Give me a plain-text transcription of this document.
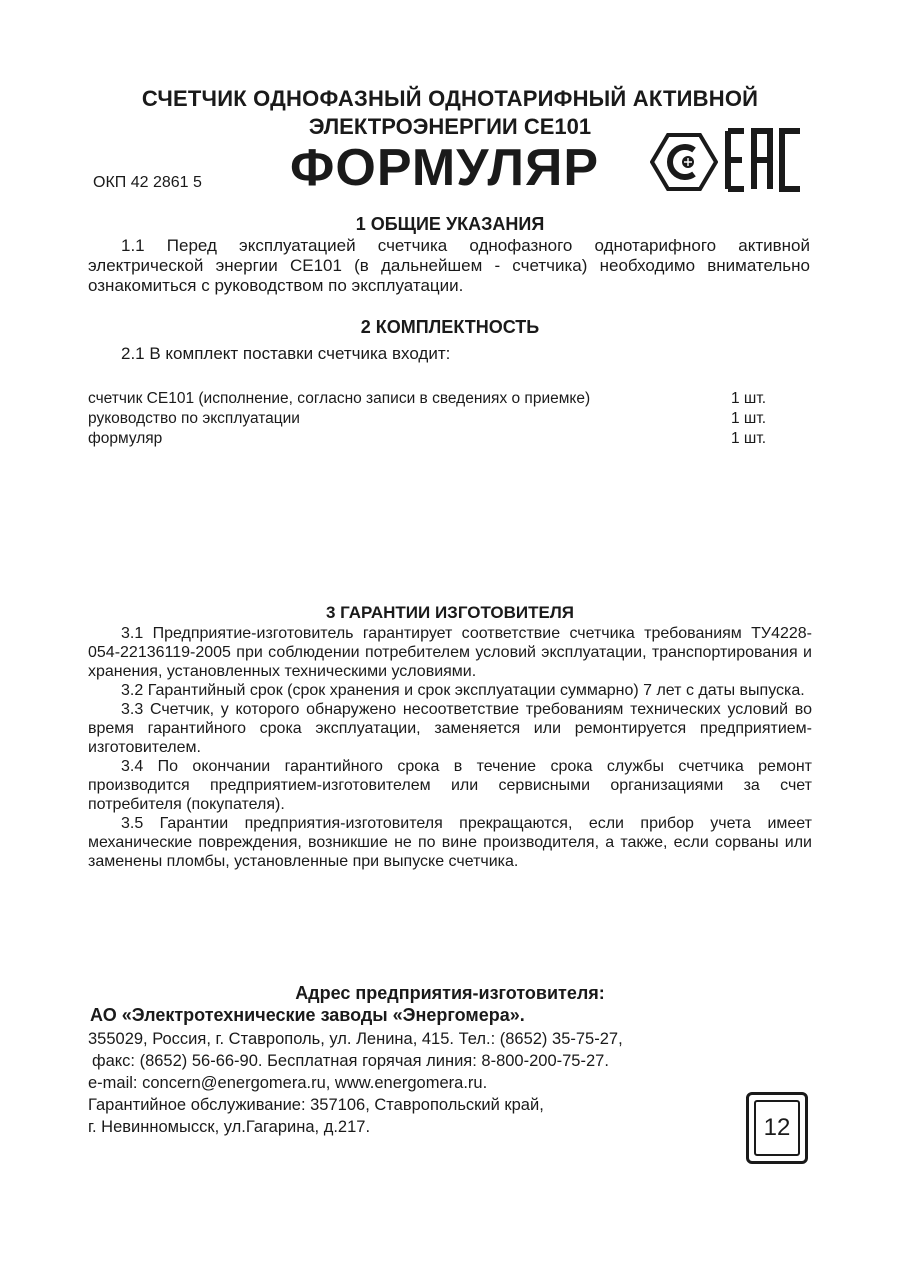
СЧЕТЧИК ОДНОФАЗНЫЙ ОДНОТАРИФНЫЙ АКТИВНОЙ
ЭЛЕКТРОЭНЕРГИИ СЕ101
ОКП 42 2861 5 ФОРМУЛЯР
1 ОБЩИЕ УКАЗАНИЯ
1.1 Перед эксплуатацией счетчика однофазного однотарифного активной электрической энергии СЕ101 (в дальнейшем - счетчика) необходимо внимательно ознакомиться с руководством по эксплуатации.
2 КОМПЛЕКТНОСТЬ
2.1 В комплект поставки счетчика входит:
счетчик СЕ101 (исполнение, согласно записи в сведениях о приемке)	1 шт.
руководство по эксплуатации	1 шт.
формуляр	1 шт.
3 ГАРАНТИИ ИЗГОТОВИТЕЛЯ

3.1 Предприятие-изготовитель гарантирует соответствие счетчика требованиям ТУ4228-054-22136119-2005 при соблюдении потребителем условий эксплуатации, транспортирования и хранения, установленных техническими условиями.

3.2 Гарантийный срок (срок хранения и срок эксплуатации суммарно) 7 лет с даты выпуска.

3.3 Счетчик, у которого обнаружено несоответствие требованиям технических условий во время гарантийного срока эксплуатации, заменяется или ремонтируется предприятием-изготовителем.

3.4 По окончании гарантийного срока в течение срока службы счетчика ремонт производится предприятием-изготовителем или сервисными организациями за счет потребителя (покупателя).

3.5 Гарантии предприятия-изготовителя прекращаются, если прибор учета имеет механические повреждения, возникшие не по вине производителя, а также, если сорваны или заменены пломбы, установленные при выпуске счетчика.

Адрес предприятия-изготовителя:
АО «Электротехнические заводы «Энергомера».
355029, Россия, г. Ставрополь, ул. Ленина, 415. Тел.: (8652) 35-75-27,
факс: (8652) 56-66-90. Бесплатная горячая линия: 8-800-200-75-27.
e-mail: concern@energomera.ru, www.energomera.ru.
Гарантийное обслуживание: 357106, Ставропольский край,
г. Невинномысск, ул.Гагарина, д.217.	12
